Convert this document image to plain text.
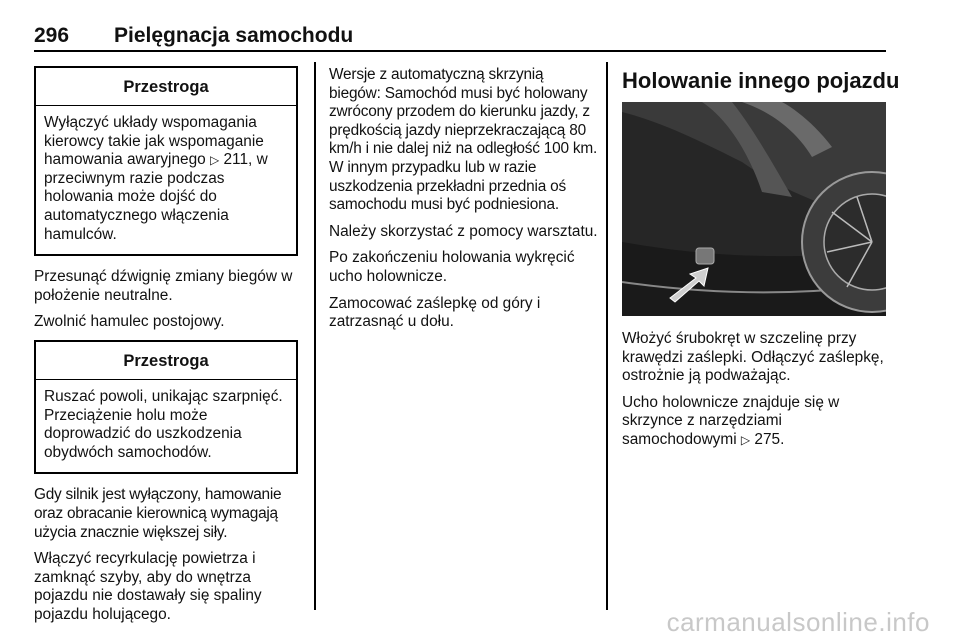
296 Pielęgnacja samochodu
Przestroga
Wyłączyć układy wspomagania kierowcy takie jak wspomaganie hamowania awaryjnego ▷ 211, w przeciwnym razie podczas holowania może dojść do automatycznego włączenia hamulców.

Przesunąć dźwignię zmiany biegów w położenie neutralne.

Zwolnić hamulec postojowy.

Przestroga
Ruszać powoli, unikając szarpnięć. Przeciążenie holu może doprowadzić do uszkodzenia obydwóch samochodów.

Gdy silnik jest wyłączony, hamowanie oraz obracanie kierownicą wymagają użycia znacznie większej siły.

Włączyć recyrkulację powietrza i zamknąć szyby, aby do wnętrza pojazdu nie dostawały się spaliny pojazdu holującego.

Wersje z automatyczną skrzynią biegów: Samochód musi być holowany zwrócony przodem do kierunku jazdy, z prędkością jazdy nieprzekraczającą 80 km/h i nie dalej niż na odległość 100 km. W innym przypadku lub w razie uszkodzenia przekładni przednia oś samochodu musi być podniesiona.

Należy skorzystać z pomocy warsztatu.

Po zakończeniu holowania wykręcić ucho holownicze.

Zamocować zaślepkę od góry i zatrzasnąć u dołu.

Holowanie innego pojazdu

Włożyć śrubokręt w szczelinę przy krawędzi zaślepki. Odłączyć zaślepkę, ostrożnie ją podważając.

Ucho holownicze znajduje się w skrzynce z narzędziami samochodowymi ▷ 275.

carmanualsonline.info
